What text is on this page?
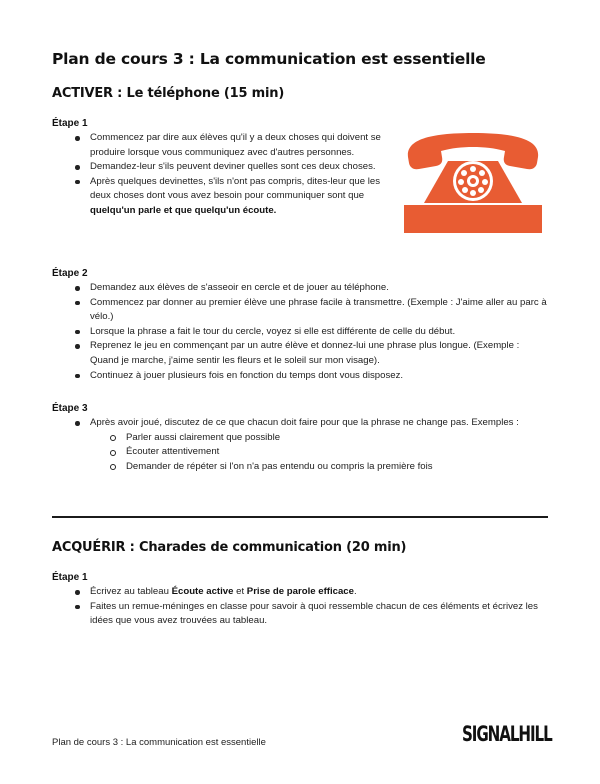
Plan de cours 3 : La communication est essentielle
ACTIVER : Le téléphone (15 min)
Étape 1
Commencez par dire aux élèves qu'il y a deux choses qui doivent se produire lorsque vous communiquez avec d'autres personnes.
Demandez-leur s'ils peuvent deviner quelles sont ces deux choses.
Après quelques devinettes, s'ils n'ont pas compris, dites-leur que les deux choses dont vous avez besoin pour communiquer sont que quelqu'un parle et que quelqu'un écoute.
Étape 2
Demandez aux élèves de s'asseoir en cercle et de jouer au téléphone.
Commencez par donner au premier élève une phrase facile à transmettre. (Exemple : J'aime aller au parc à vélo.)
Lorsque la phrase a fait le tour du cercle, voyez si elle est différente de celle du début.
Reprenez le jeu en commençant par un autre élève et donnez-lui une phrase plus longue. (Exemple : Quand je marche, j'aime sentir les fleurs et le soleil sur mon visage).
Continuez à jouer plusieurs fois en fonction du temps dont vous disposez.
Étape 3
Après avoir joué, discutez de ce que chacun doit faire pour que la phrase ne change pas. Exemples :
Parler aussi clairement que possible
Écouter attentivement
Demander de répéter si l'on n'a pas entendu ou compris la première fois
ACQUÉRIR : Charades de communication (20 min)
Étape 1
Écrivez au tableau Écoute active et Prise de parole efficace.
Faites un remue-méninges en classe pour savoir à quoi ressemble chacun de ces éléments et écrivez les idées que vous avez trouvées au tableau.
Plan de cours 3 : La communication est essentielle	SIGNALHILL
